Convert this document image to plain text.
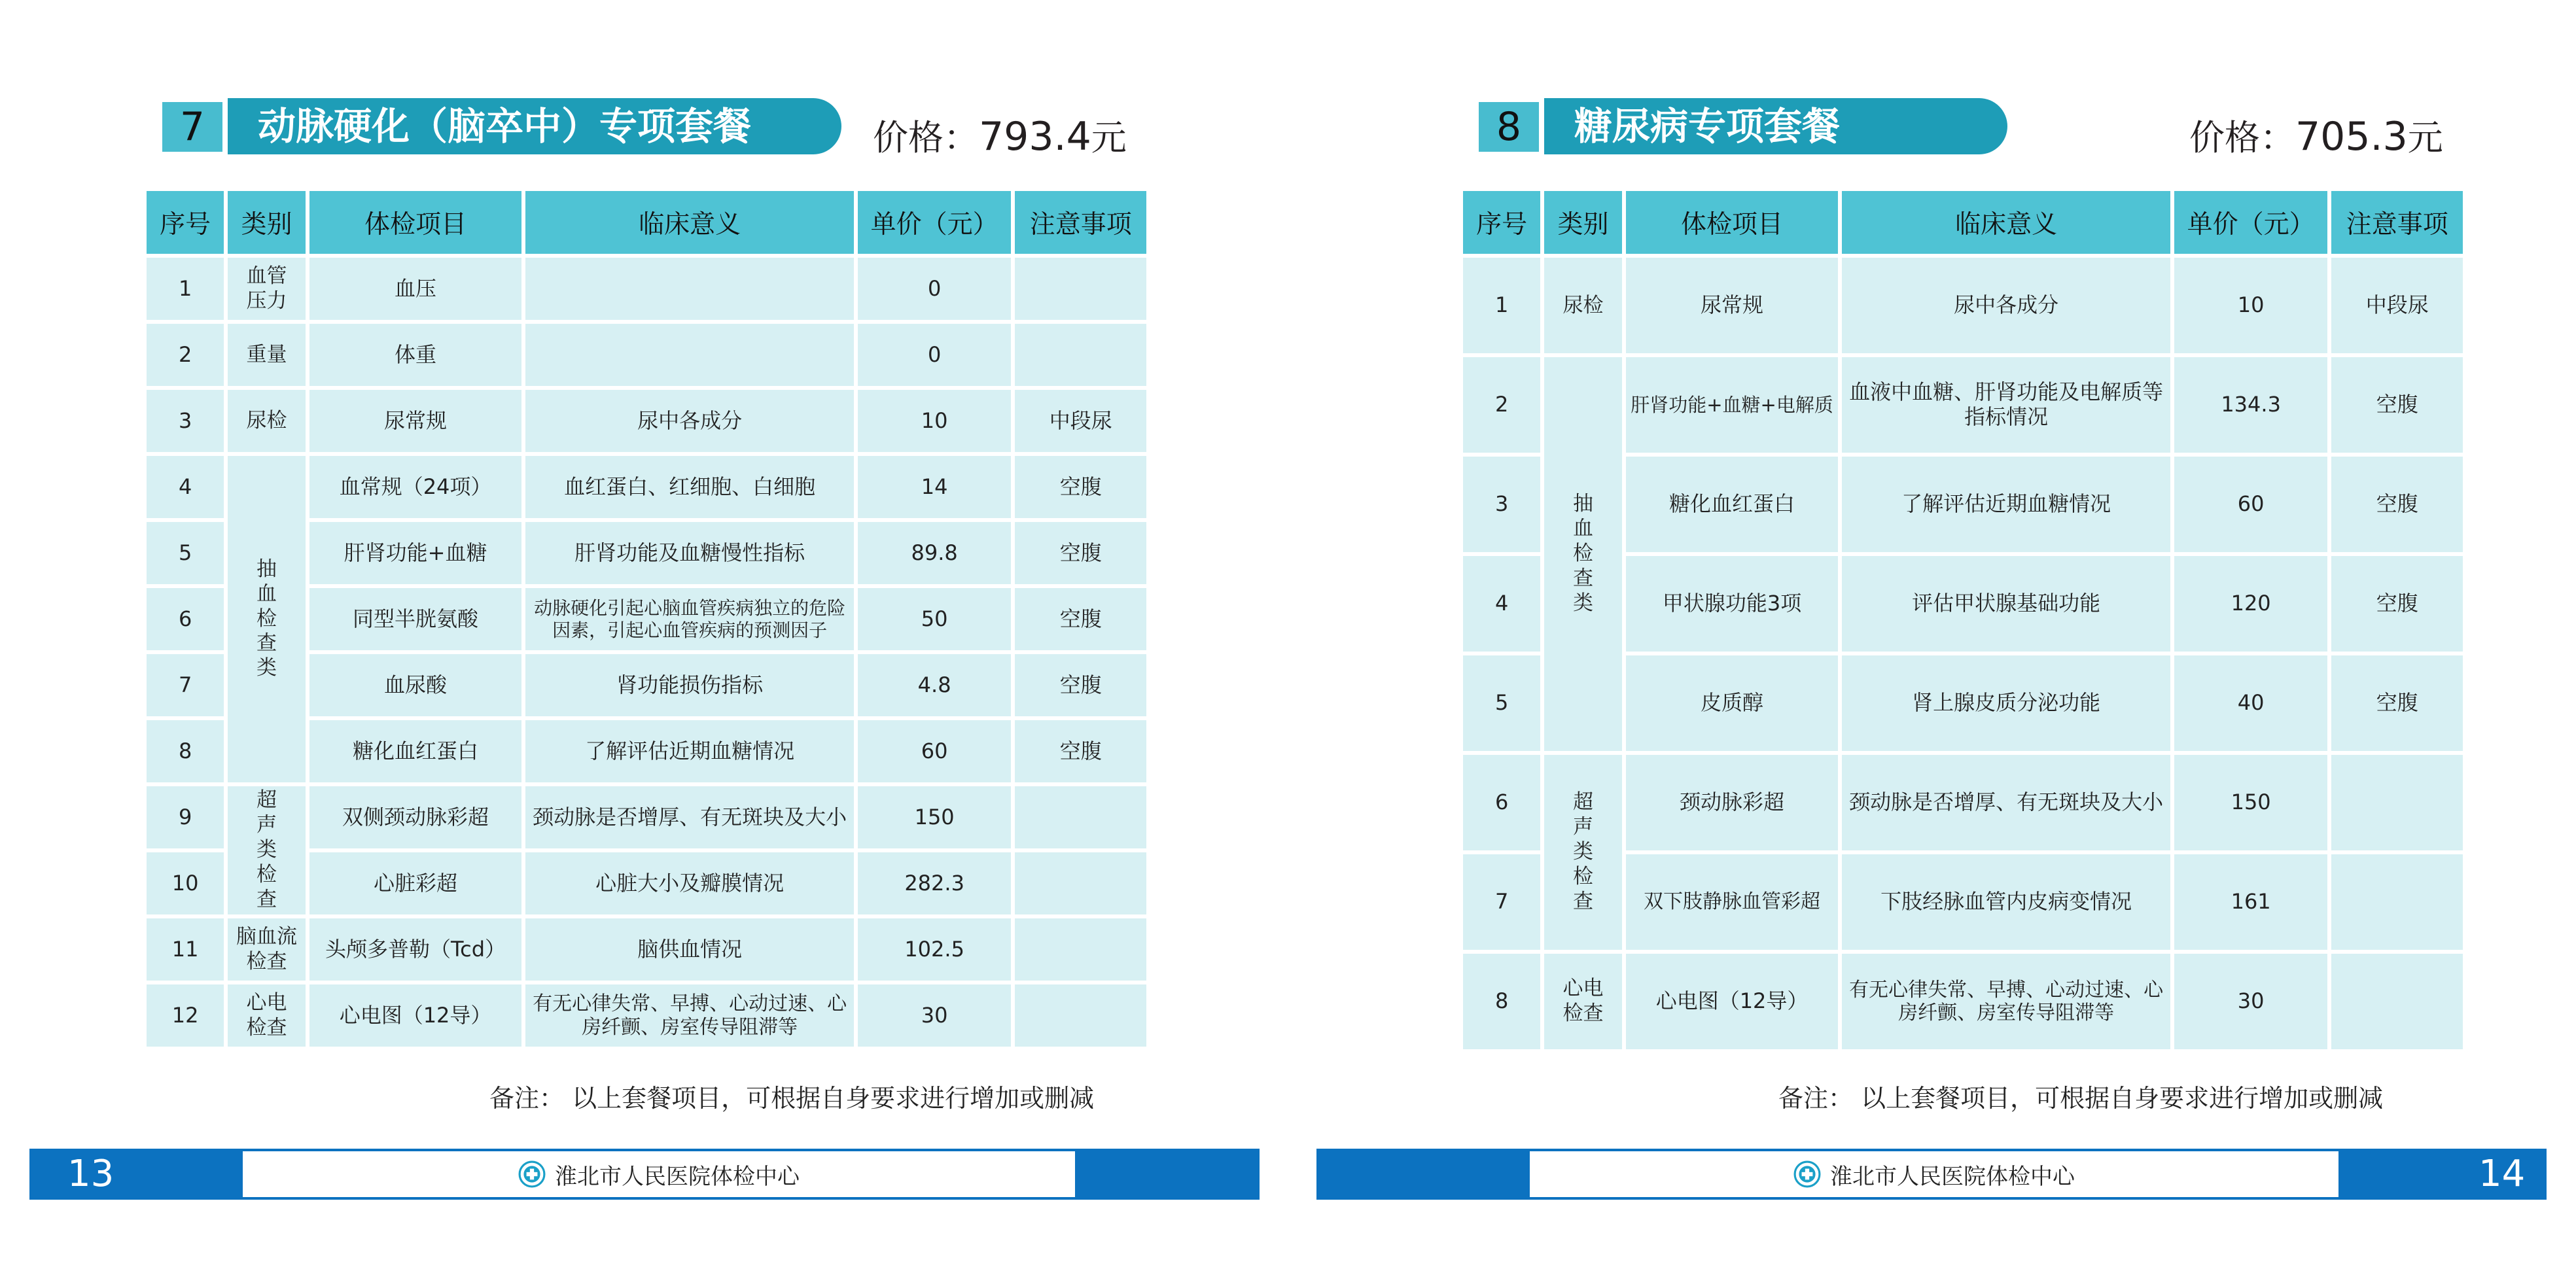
7	动脉硬化（脑卒中）专项套餐	价格：793.4元
序号	类别	体检项目	临床意义	单价（元）	注意事项
1	血管压力	血压		0	
2	重量	体重		0	
3	尿检	尿常规	尿中各成分	10	中段尿
4	抽血检查类	血常规（24项）	血红蛋白、红细胞、白细胞	14	空腹
5		肝肾功能+血糖	肝肾功能及血糖慢性指标	89.8	空腹
6		同型半胱氨酸	动脉硬化引起心脑血管疾病独立的危险因素，引起心血管疾病的预测因子	50	空腹
7		血尿酸	肾功能损伤指标	4.8	空腹
8		糖化血红蛋白	了解评估近期血糖情况	60	空腹
9	超声类检查	双侧颈动脉彩超	颈动脉是否增厚、有无斑块及大小	150	
10		心脏彩超	心脏大小及瓣膜情况	282.3	
11	脑血流检查	头颅多普勒（Tcd）	脑供血情况	102.5	
12	心电检查	心电图（12导）	有无心律失常、早搏、心动过速、心房纤颤、房室传导阻滞等	30	
备注： 以上套餐项目，可根据自身要求进行增加或删减
13	淮北市人民医院体检中心
8	糖尿病专项套餐	价格：705.3元
序号	类别	体检项目	临床意义	单价（元）	注意事项
1	尿检	尿常规	尿中各成分	10	中段尿
2	抽血检查类	肝肾功能+血糖+电解质	血液中血糖、肝肾功能及电解质等指标情况	134.3	空腹
3		糖化血红蛋白	了解评估近期血糖情况	60	空腹
4		甲状腺功能3项	评估甲状腺基础功能	120	空腹
5		皮质醇	肾上腺皮质分泌功能	40	空腹
6	超声类检查	颈动脉彩超	颈动脉是否增厚、有无斑块及大小	150	
7		双下肢静脉血管彩超	下肢经脉血管内皮病变情况	161	
8	心电检查	心电图（12导）	有无心律失常、早搏、心动过速、心房纤颤、房室传导阻滞等	30	
备注： 以上套餐项目，可根据自身要求进行增加或删减
淮北市人民医院体检中心	14
